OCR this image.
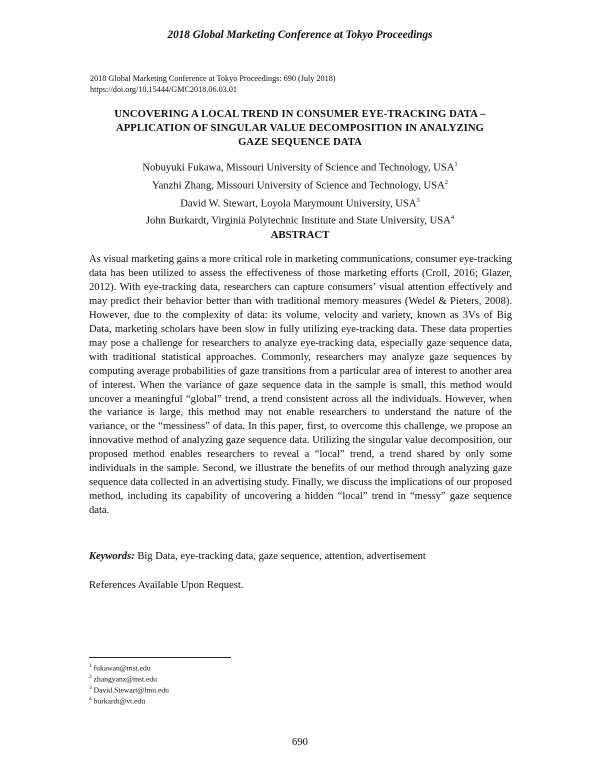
2018 Global Marketing Conference at Tokyo Proceedings
2018 Global Marketing Conference at Tokyo Proceedings: 690 (July 2018)
https://doi.org/10.15444/GMC2018.06.03.01
UNCOVERING A LOCAL TREND IN CONSUMER EYE-TRACKING DATA –
APPLICATION OF SINGULAR VALUE DECOMPOSITION IN ANALYZING
GAZE SEQUENCE DATA
Nobuyuki Fukawa, Missouri University of Science and Technology, USA$^1$
Yanzhi Zhang, Missouri University of Science and Technology, USA$^2$
David W. Stewart, Loyola Marymount University, USA$^3$
John Burkardt, Virginia Polytechnic Institute and State University, USA$^4$
ABSTRACT

As visual marketing gains a more critical role in marketing communications, consumer eye-tracking data has been utilized to assess the effectiveness of those marketing efforts (Croll, 2016; Glazer, 2012). With eye-tracking data, researchers can capture consumers’ visual attention effectively and may predict their behavior better than with traditional memory measures (Wedel & Pieters, 2008). However, due to the complexity of data: its volume, velocity and variety, known as 3Vs of Big Data, marketing scholars have been slow in fully utilizing eye-tracking data. These data properties may pose a challenge for researchers to analyze eye-tracking data, especially gaze sequence data, with traditional statistical approaches. Commonly, researchers may analyze gaze sequences by computing average probabilities of gaze transitions from a particular area of interest to another area of interest. When the variance of gaze sequence data in the sample is small, this method would uncover a meaningful “global” trend, a trend consistent across all the individuals. However, when the variance is large, this method may not enable researchers to understand the nature of the variance, or the “messiness” of data. In this paper, first, to overcome this challenge, we propose an innovative method of analyzing gaze sequence data. Utilizing the singular value decomposition, our proposed method enables researchers to reveal a “local” trend, a trend shared by only some individuals in the sample. Second, we illustrate the benefits of our method through analyzing gaze sequence data collected in an advertising study. Finally, we discuss the implications of our proposed method, including its capability of uncovering a hidden “local” trend in “messy” gaze sequence data.

Keywords: Big Data, eye-tracking data, gaze sequence, attention, advertisement

References Available Upon Request.

$^1$ fukawan@mst.edu
$^2$ zhangyanz@mst.edu
$^3$ David.Stewart@lmu.edu
$^4$ burkardt@vt.edu
690
